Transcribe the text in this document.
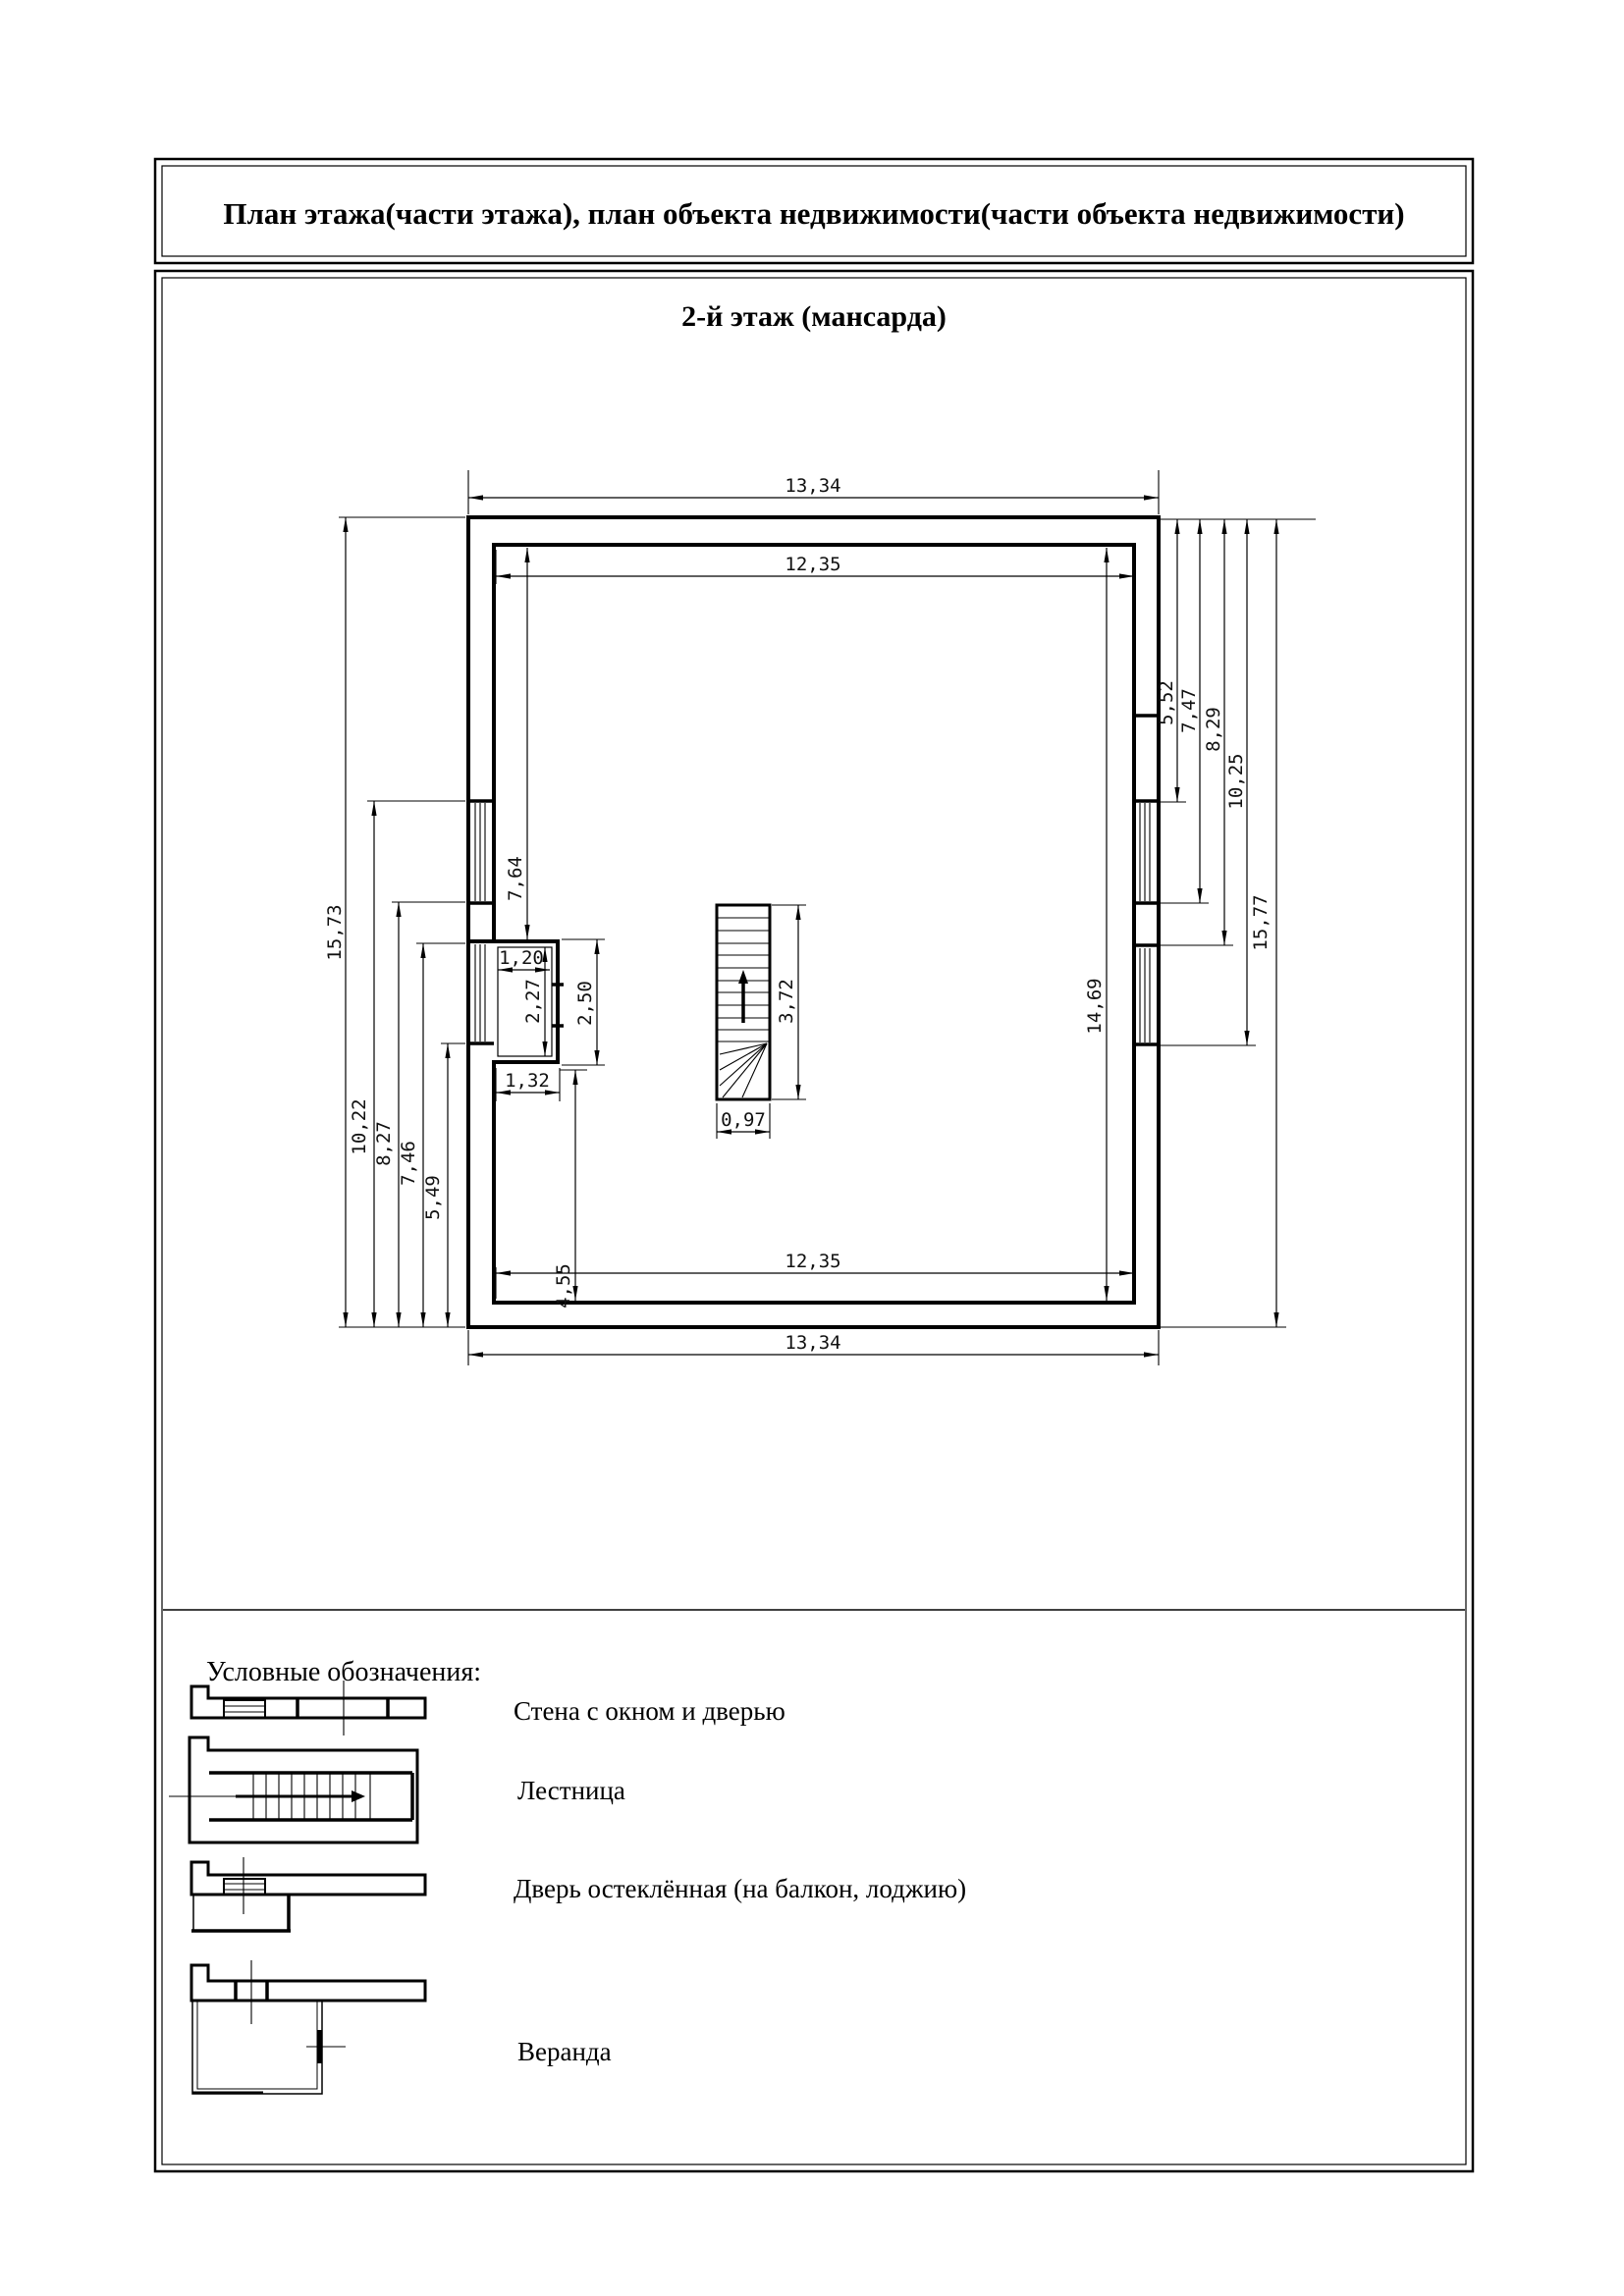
План этажа(части этажа), план объекта недвижимости(части объекта недвижимости)
2-й этаж (мансарда)
13,34
12,35
12,35
13,34
15,73
10,22 8,27 7,46
5,49
7,64
4,55
1,20
2,27 2,50
1,32
3,72
0,97
14,69
5,52 7,47 8,29
10,25
15,77
Условные обозначения:
Стена с окном и дверью
Лестница
Дверь остеклённая (на балкон, лоджию)
Веранда
